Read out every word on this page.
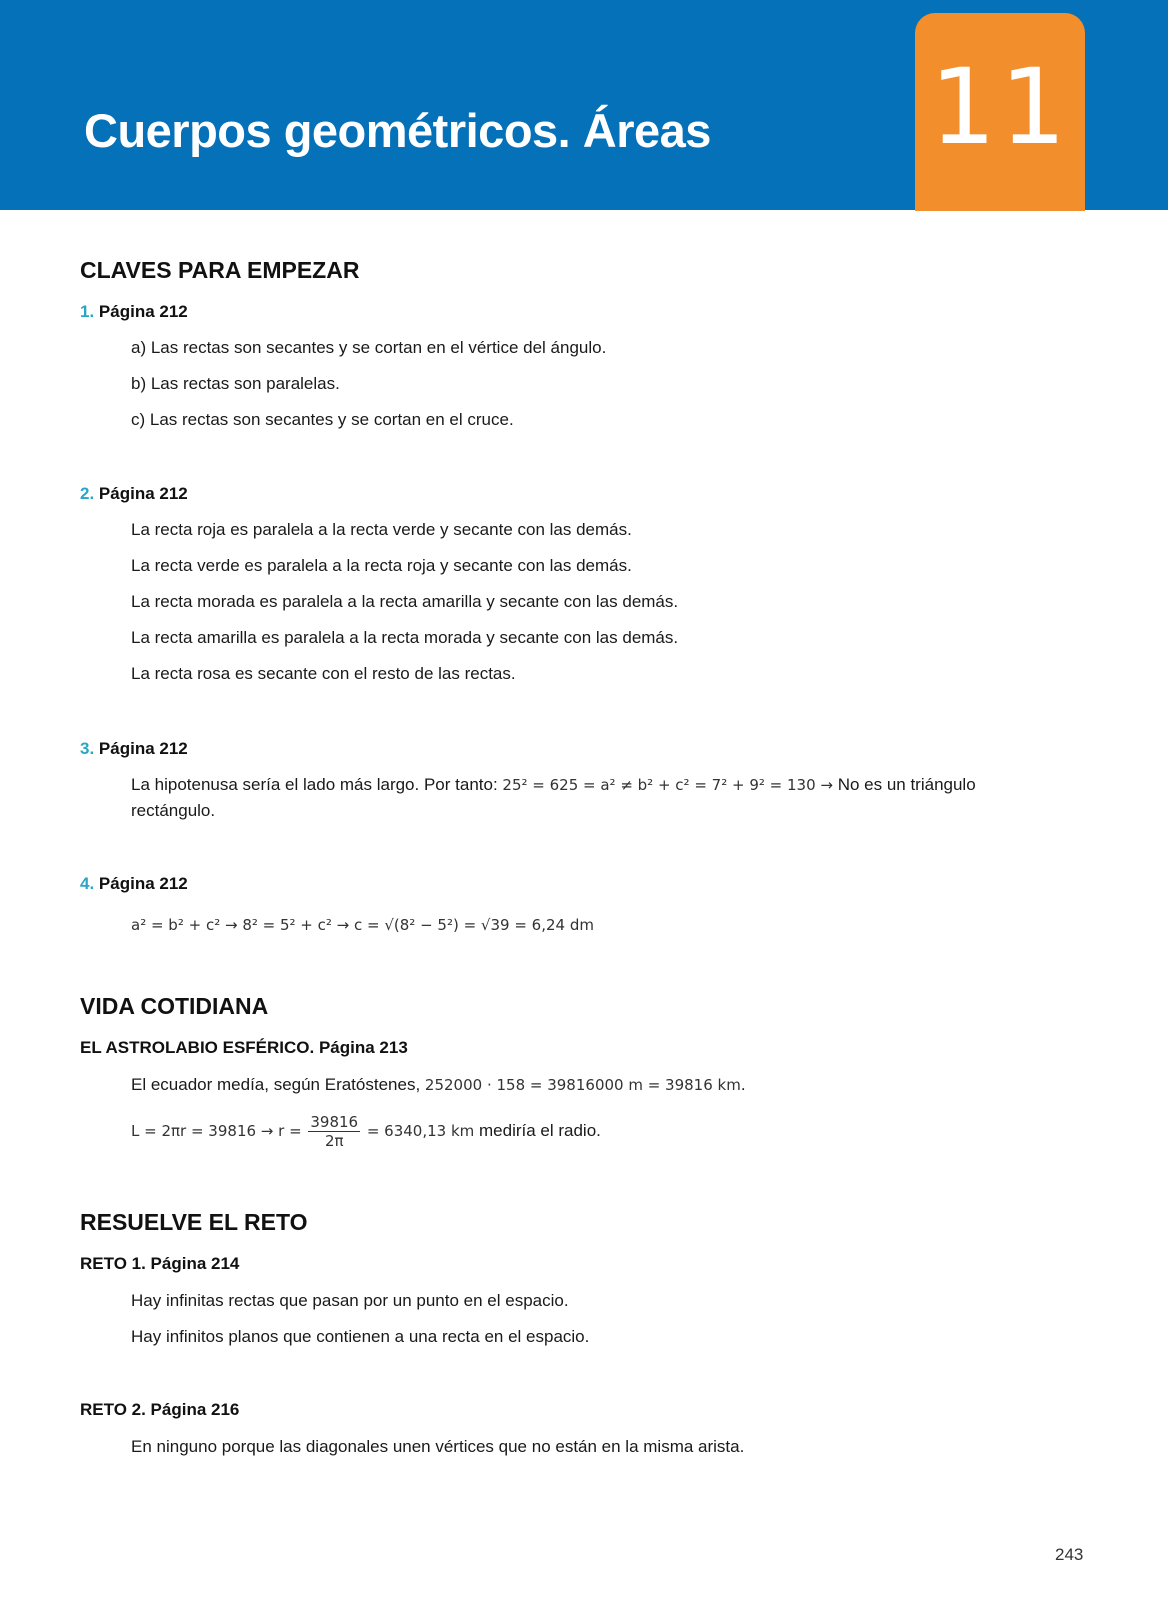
Cuerpos geométricos. Áreas 11
CLAVES PARA EMPEZAR
1. Página 212
a) Las rectas son secantes y se cortan en el vértice del ángulo.
b) Las rectas son paralelas.
c) Las rectas son secantes y se cortan en el cruce.
2. Página 212
La recta roja es paralela a la recta verde y secante con las demás.
La recta verde es paralela a la recta roja y secante con las demás.
La recta morada es paralela a la recta amarilla y secante con las demás.
La recta amarilla es paralela a la recta morada y secante con las demás.
La recta rosa es secante con el resto de las rectas.
3. Página 212
La hipotenusa sería el lado más largo. Por tanto: 25² = 625 = a² ≠ b² + c² = 7² + 9² = 130 → No es un triángulo
rectángulo.
4. Página 212
a² = b² + c² → 8² = 5² + c² → c = √(8² − 5²) = √39 = 6,24 dm
VIDA COTIDIANA
EL ASTROLABIO ESFÉRICO. Página 213
El ecuador medía, según Eratóstenes, 252000 · 158 = 39816000 m = 39816 km.
$L = 2\pi r = 39816 \to r = \frac{39816}{2\pi} = 6340,13$ km mediría el radio.
RESUELVE EL RETO
RETO 1. Página 214
Hay infinitas rectas que pasan por un punto en el espacio.
Hay infinitos planos que contienen a una recta en el espacio.
RETO 2. Página 216
En ninguno porque las diagonales unen vértices que no están en la misma arista.
243
